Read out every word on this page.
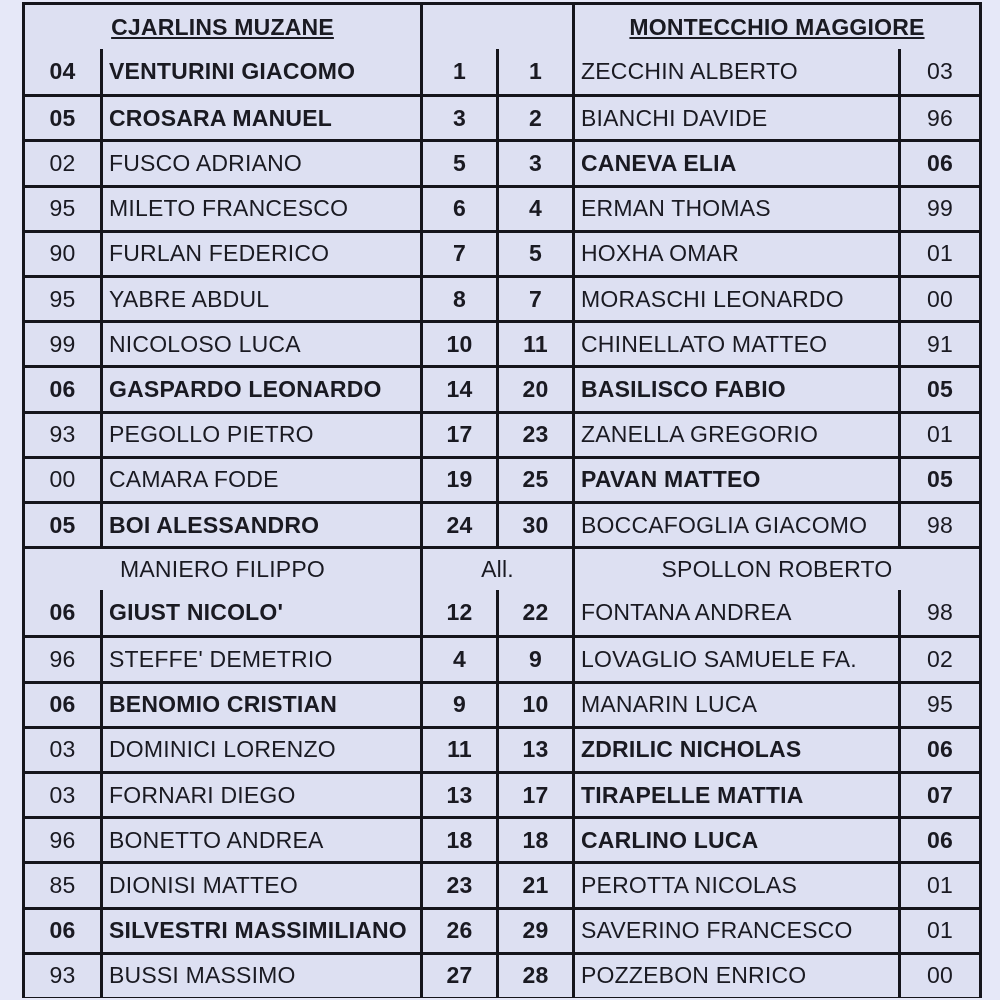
CJARLINS MUZANE	MONTECCHIO MAGGIORE
04	VENTURINI GIACOMO	1	1	ZECCHIN ALBERTO	03
05	CROSARA MANUEL	3	2	BIANCHI DAVIDE	96
02	FUSCO ADRIANO	5	3	CANEVA ELIA	06
95	MILETO FRANCESCO	6	4	ERMAN THOMAS	99
90	FURLAN FEDERICO	7	5	HOXHA OMAR	01
95	YABRE ABDUL	8	7	MORASCHI LEONARDO	00
99	NICOLOSO LUCA	10	11	CHINELLATO MATTEO	91
06	GASPARDO LEONARDO	14	20	BASILISCO FABIO	05
93	PEGOLLO PIETRO	17	23	ZANELLA GREGORIO	01
00	CAMARA FODE	19	25	PAVAN MATTEO	05
05	BOI ALESSANDRO	24	30	BOCCAFOGLIA GIACOMO	98
MANIERO FILIPPO	All.	SPOLLON ROBERTO
06	GIUST NICOLO'	12	22	FONTANA ANDREA	98
96	STEFFE' DEMETRIO	4	9	LOVAGLIO SAMUELE FA.	02
06	BENOMIO CRISTIAN	9	10	MANARIN LUCA	95
03	DOMINICI LORENZO	11	13	ZDRILIC NICHOLAS	06
03	FORNARI DIEGO	13	17	TIRAPELLE MATTIA	07
96	BONETTO ANDREA	18	18	CARLINO LUCA	06
85	DIONISI MATTEO	23	21	PEROTTA NICOLAS	01
06	SILVESTRI MASSIMILIANO	26	29	SAVERINO FRANCESCO	01
93	BUSSI MASSIMO	27	28	POZZEBON ENRICO	00
